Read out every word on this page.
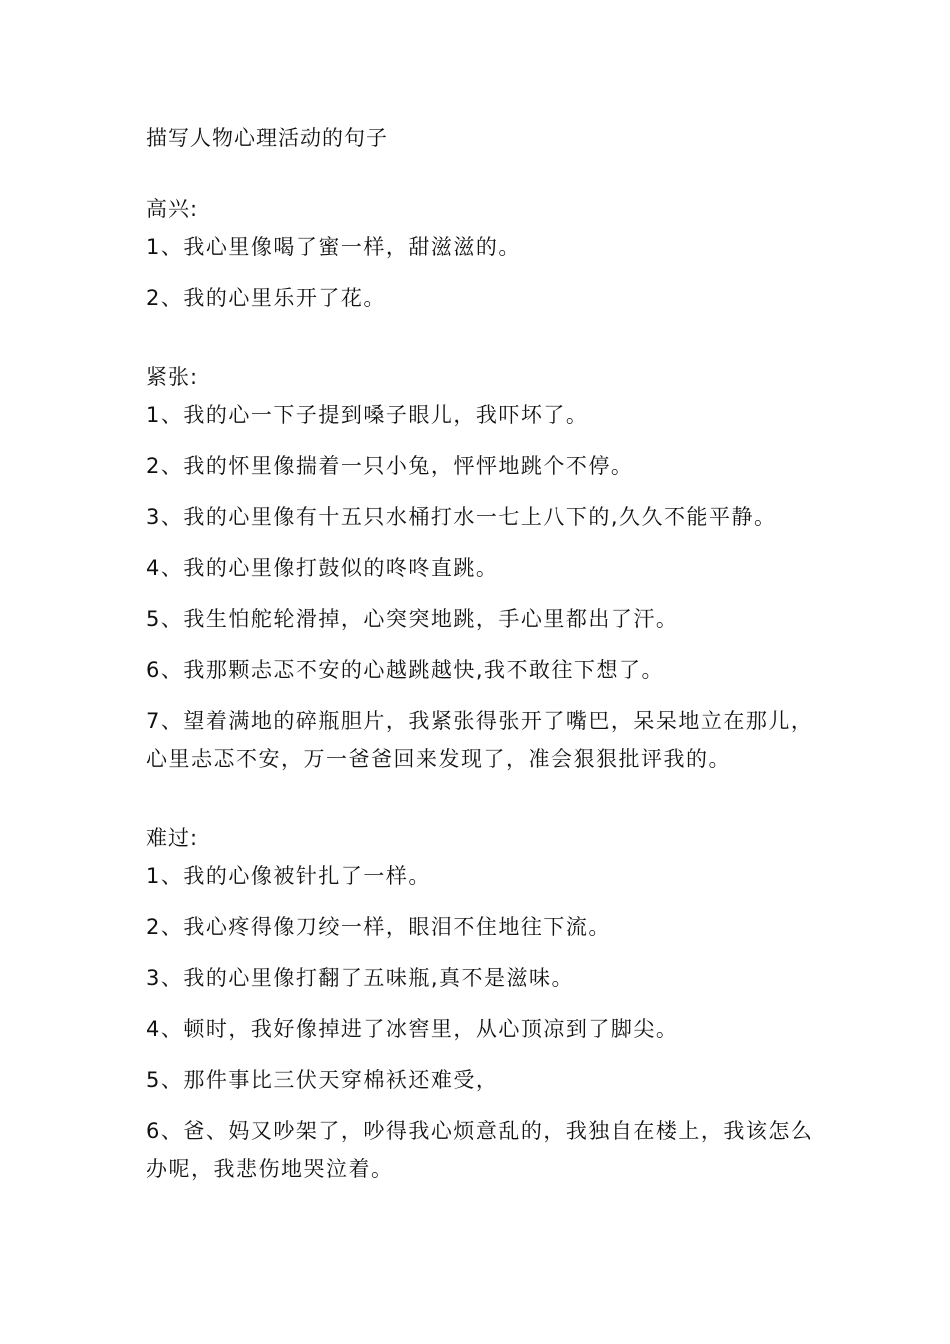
描写人物心理活动的句子
高兴:
1、我心里像喝了蜜一样，甜滋滋的。
2、我的心里乐开了花。
紧张:
1、我的心一下子提到嗓子眼儿，我吓坏了。
2、我的怀里像揣着一只小兔，怦怦地跳个不停。
3、我的心里像有十五只水桶打水一七上八下的,久久不能平静。
4、我的心里像打鼓似的咚咚直跳。
5、我生怕舵轮滑掉，心突突地跳，手心里都出了汗。
6、我那颗忐忑不安的心越跳越快,我不敢往下想了。
7、望着满地的碎瓶胆片，我紧张得张开了嘴巴，呆呆地立在那儿，心里忐忑不安，万一爸爸回来发现了，准会狠狠批评我的。
难过:
1、我的心像被针扎了一样。
2、我心疼得像刀绞一样，眼泪不住地往下流。
3、我的心里像打翻了五味瓶,真不是滋味。
4、顿时，我好像掉进了冰窖里，从心顶凉到了脚尖。
5、那件事比三伏天穿棉袄还难受，
6、爸、妈又吵架了，吵得我心烦意乱的，我独自在楼上，我该怎么办呢，我悲伤地哭泣着。
